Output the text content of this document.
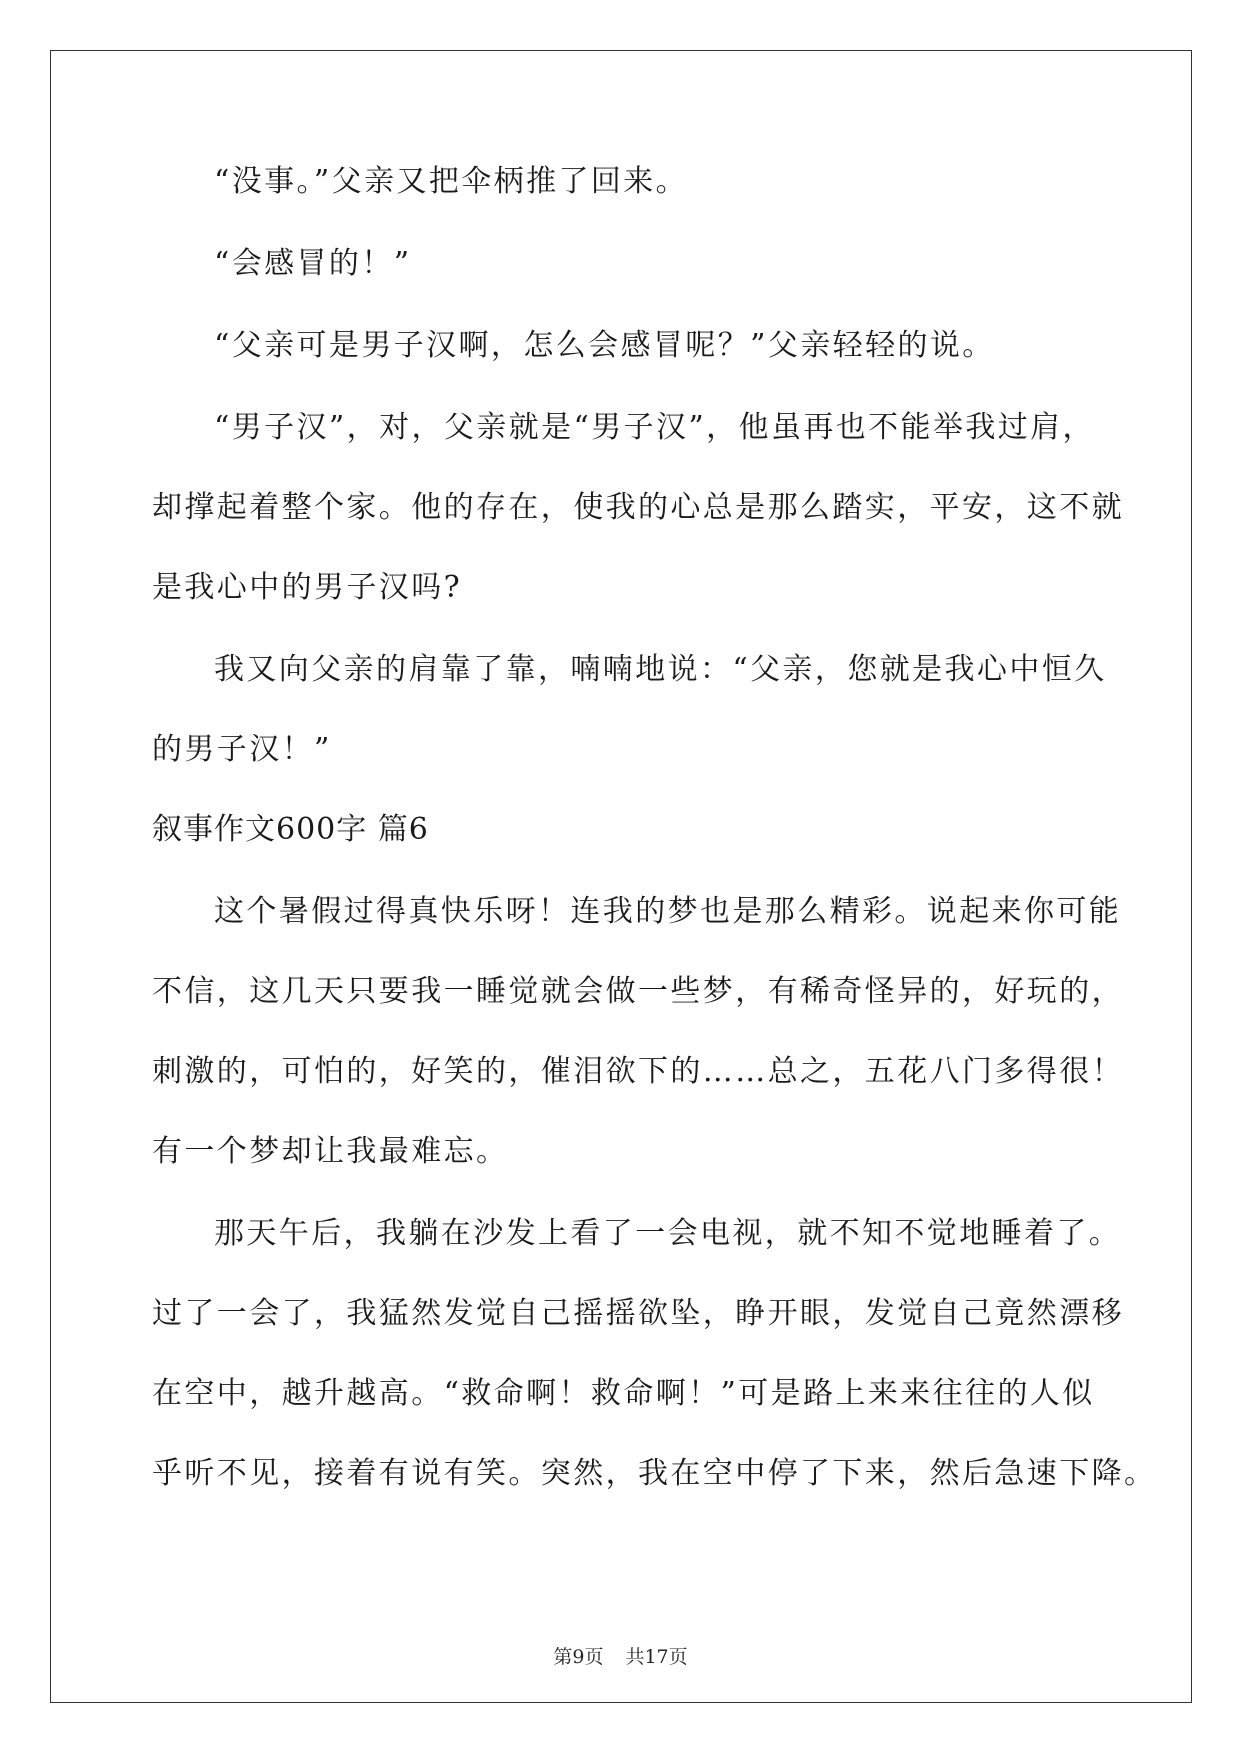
“没事。”父亲又把伞柄推了回来。
“会感冒的！”
“父亲可是男子汉啊，怎么会感冒呢？”父亲轻轻的说。
“男子汉”，对，父亲就是“男子汉”，他虽再也不能举我过肩，
却撑起着整个家。他的存在，使我的心总是那么踏实，平安，这不就
是我心中的男子汉吗?
我又向父亲的肩靠了靠，喃喃地说：“父亲，您就是我心中恒久
的男子汉！”
叙事作文600字 篇6
这个暑假过得真快乐呀！连我的梦也是那么精彩。说起来你可能
不信，这几天只要我一睡觉就会做一些梦，有稀奇怪异的，好玩的，
刺激的，可怕的，好笑的，催泪欲下的……总之，五花八门多得很！
有一个梦却让我最难忘。
那天午后，我躺在沙发上看了一会电视，就不知不觉地睡着了。
过了一会了，我猛然发觉自己摇摇欲坠，睁开眼，发觉自己竟然漂移
在空中，越升越高。“救命啊！救命啊！”可是路上来来往往的人似
乎听不见，接着有说有笑。突然，我在空中停了下来，然后急速下降。
第9页 共17页
